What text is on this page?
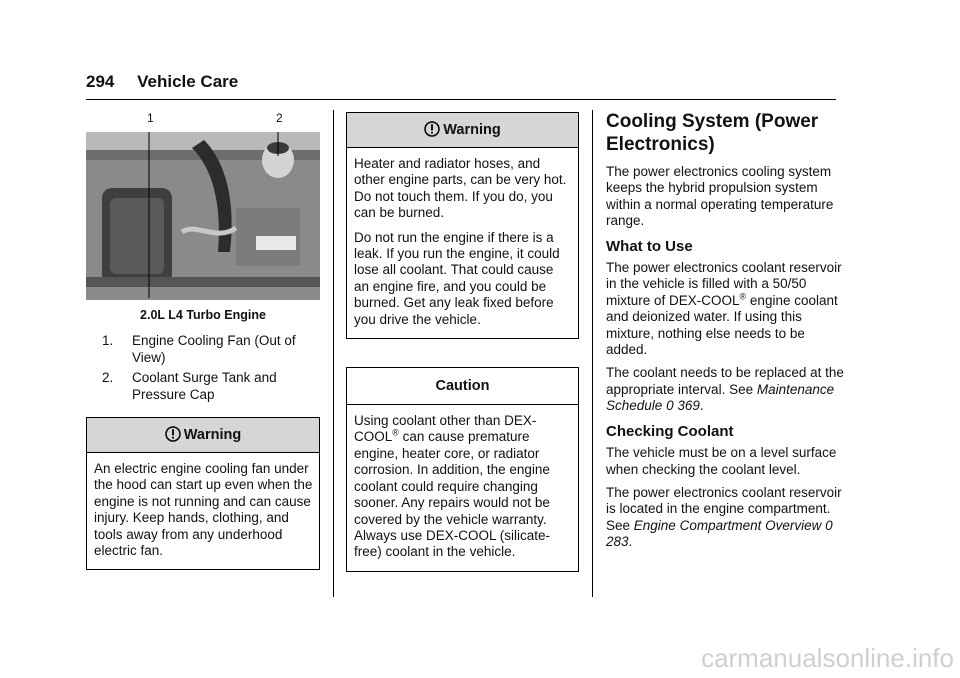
294 Vehicle Care
1	2
2.0L L4 Turbo Engine
1. Engine Cooling Fan (Out of View)
2. Coolant Surge Tank and Pressure Cap
Warning

An electric engine cooling fan under the hood can start up even when the engine is not running and can cause injury. Keep hands, clothing, and tools away from any underhood electric fan.

Warning

Heater and radiator hoses, and other engine parts, can be very hot. Do not touch them. If you do, you can be burned.

Do not run the engine if there is a leak. If you run the engine, it could lose all coolant. That could cause an engine fire, and you could be burned. Get any leak fixed before you drive the vehicle.

Caution

Using coolant other than DEX-COOL® can cause premature engine, heater core, or radiator corrosion. In addition, the engine coolant could require changing sooner. Any repairs would not be covered by the vehicle warranty. Always use DEX-COOL (silicate-free) coolant in the vehicle.

Cooling System (Power Electronics)

The power electronics cooling system keeps the hybrid propulsion system within a normal operating temperature range.

What to Use

The power electronics coolant reservoir in the vehicle is filled with a 50/50 mixture of DEX-COOL® engine coolant and deionized water. If using this mixture, nothing else needs to be added.

The coolant needs to be replaced at the appropriate interval. See Maintenance Schedule 0 369.

Checking Coolant

The vehicle must be on a level surface when checking the coolant level.

The power electronics coolant reservoir is located in the engine compartment. See Engine Compartment Overview 0 283.

carmanualsonline.info
